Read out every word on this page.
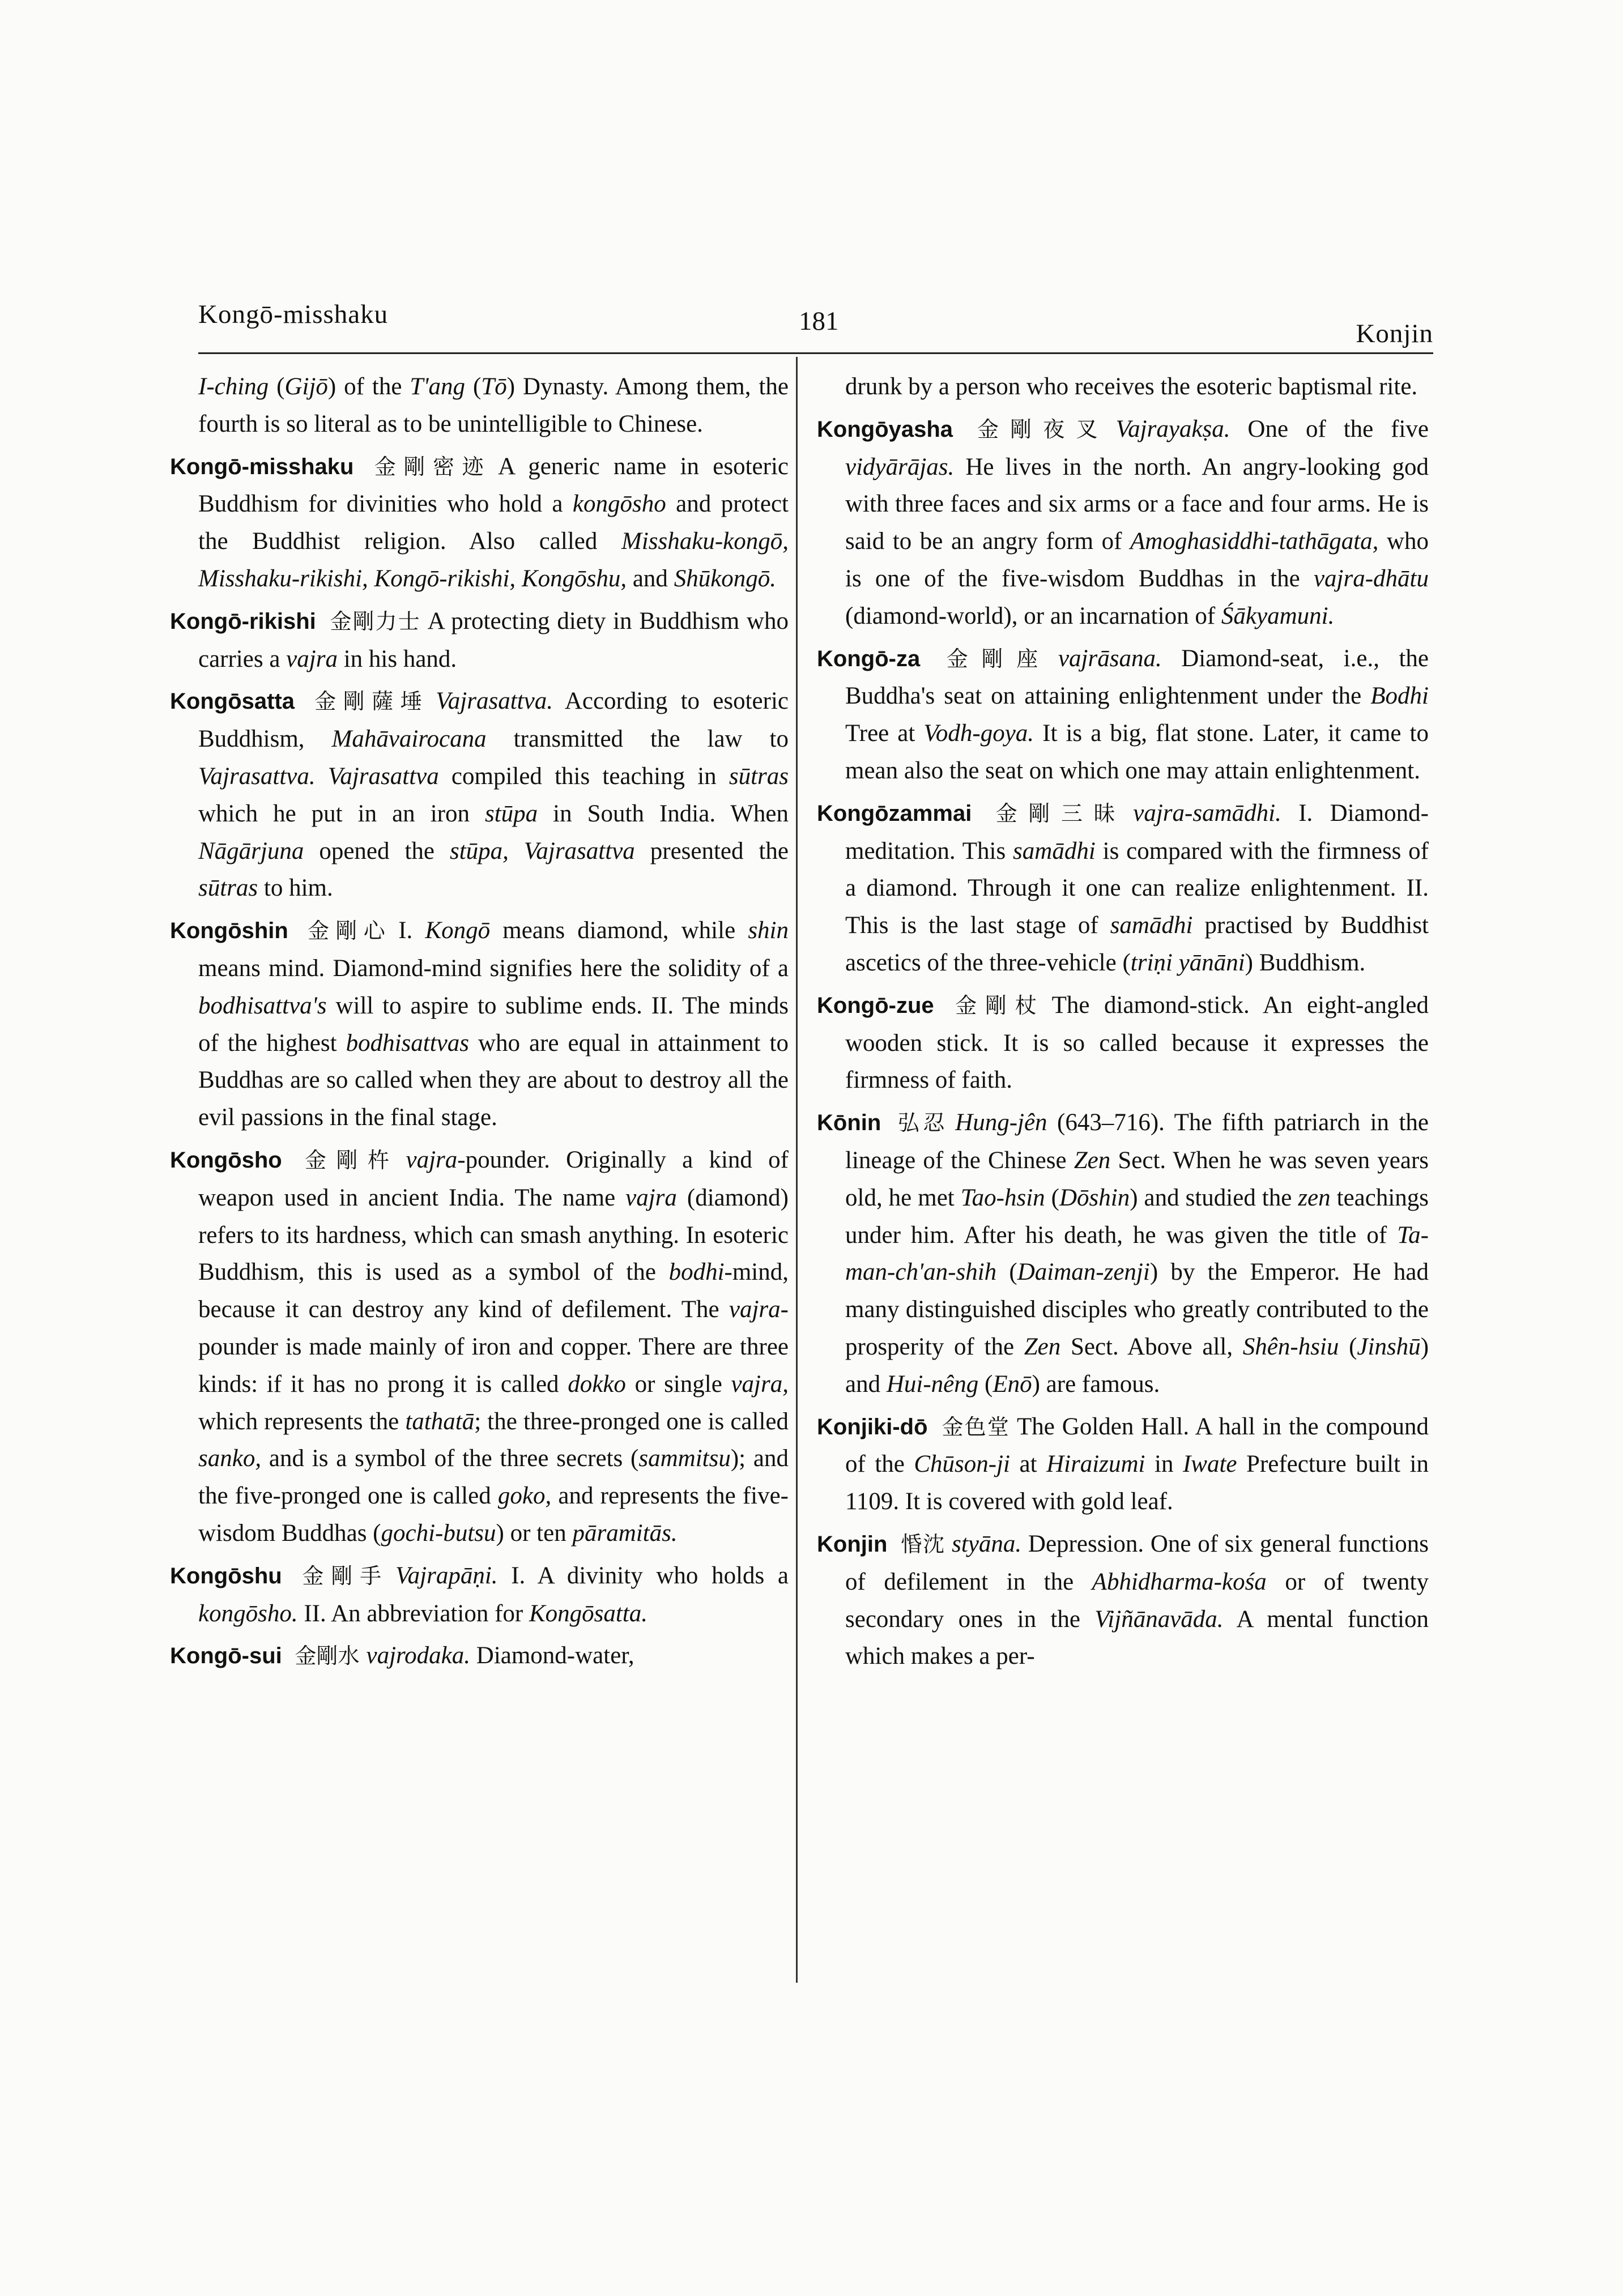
Kongō-misshaku	181	Konjin

I-ching (Gijō) of the T'ang (Tō) Dynasty. Among them, the fourth is so literal as to be unintelligible to Chinese.

Kongō-misshaku 金剛密迹 A generic name in esoteric Buddhism for divinities who hold a kongōsho and protect the Buddhist religion. Also called Misshaku-kongō, Misshaku-rikishi, Kongō-rikishi, Kongōshu, and Shūkongō.

Kongō-rikishi 金剛力士 A protecting diety in Buddhism who carries a vajra in his hand.

Kongōsatta 金剛薩埵 Vajrasattva. According to esoteric Buddhism, Mahāvairocana transmitted the law to Vajrasattva. Vajrasattva compiled this teaching in sūtras which he put in an iron stūpa in South India. When Nāgārjuna opened the stūpa, Vajrasattva presented the sūtras to him.

Kongōshin 金剛心 I. Kongō means diamond, while shin means mind. Diamond-mind signifies here the solidity of a bodhisattva's will to aspire to sublime ends. II. The minds of the highest bodhisattvas who are equal in attainment to Buddhas are so called when they are about to destroy all the evil passions in the final stage.

Kongōsho 金剛杵 vajra-pounder. Originally a kind of weapon used in ancient India. The name vajra (diamond) refers to its hardness, which can smash anything. In esoteric Buddhism, this is used as a symbol of the bodhi-mind, because it can destroy any kind of defilement. The vajra-pounder is made mainly of iron and copper. There are three kinds: if it has no prong it is called dokko or single vajra, which represents the tathatā; the three-pronged one is called sanko, and is a symbol of the three secrets (sammitsu); and the five-pronged one is called goko, and represents the five-wisdom Buddhas (gochi-butsu) or ten pāramitās.

Kongōshu 金剛手 Vajrapāṇi. I. A divinity who holds a kongōsho. II. An abbreviation for Kongōsatta.

Kongō-sui 金剛水 vajrodaka. Diamond-water,

drunk by a person who receives the esoteric baptismal rite.

Kongōyasha 金剛夜叉 Vajrayakṣa. One of the five vidyārājas. He lives in the north. An angry-looking god with three faces and six arms or a face and four arms. He is said to be an angry form of Amoghasiddhi-tathāgata, who is one of the five-wisdom Buddhas in the vajra-dhātu (diamond-world), or an incarnation of Śākyamuni.

Kongō-za 金剛座 vajrāsana. Diamond-seat, i.e., the Buddha's seat on attaining enlightenment under the Bodhi Tree at Vodh-goya. It is a big, flat stone. Later, it came to mean also the seat on which one may attain enlightenment.

Kongōzammai 金剛三昧 vajra-samādhi. I. Diamond-meditation. This samādhi is compared with the firmness of a diamond. Through it one can realize enlightenment. II. This is the last stage of samādhi practised by Buddhist ascetics of the three-vehicle (triṇi yānāni) Buddhism.

Kongō-zue 金剛杖 The diamond-stick. An eight-angled wooden stick. It is so called because it expresses the firmness of faith.

Kōnin 弘忍 Hung-jên (643–716). The fifth patriarch in the lineage of the Chinese Zen Sect. When he was seven years old, he met Tao-hsin (Dōshin) and studied the zen teachings under him. After his death, he was given the title of Ta-man-ch'an-shih (Daiman-zenji) by the Emperor. He had many distinguished disciples who greatly contributed to the prosperity of the Zen Sect. Above all, Shên-hsiu (Jinshū) and Hui-nêng (Enō) are famous.

Konjiki-dō 金色堂 The Golden Hall. A hall in the compound of the Chūson-ji at Hiraizumi in Iwate Prefecture built in 1109. It is covered with gold leaf.

Konjin 惛沈 styāna. Depression. One of six general functions of defilement in the Abhidharma-kośa or of twenty secondary ones in the Vijñānavāda. A mental function which makes a per-
